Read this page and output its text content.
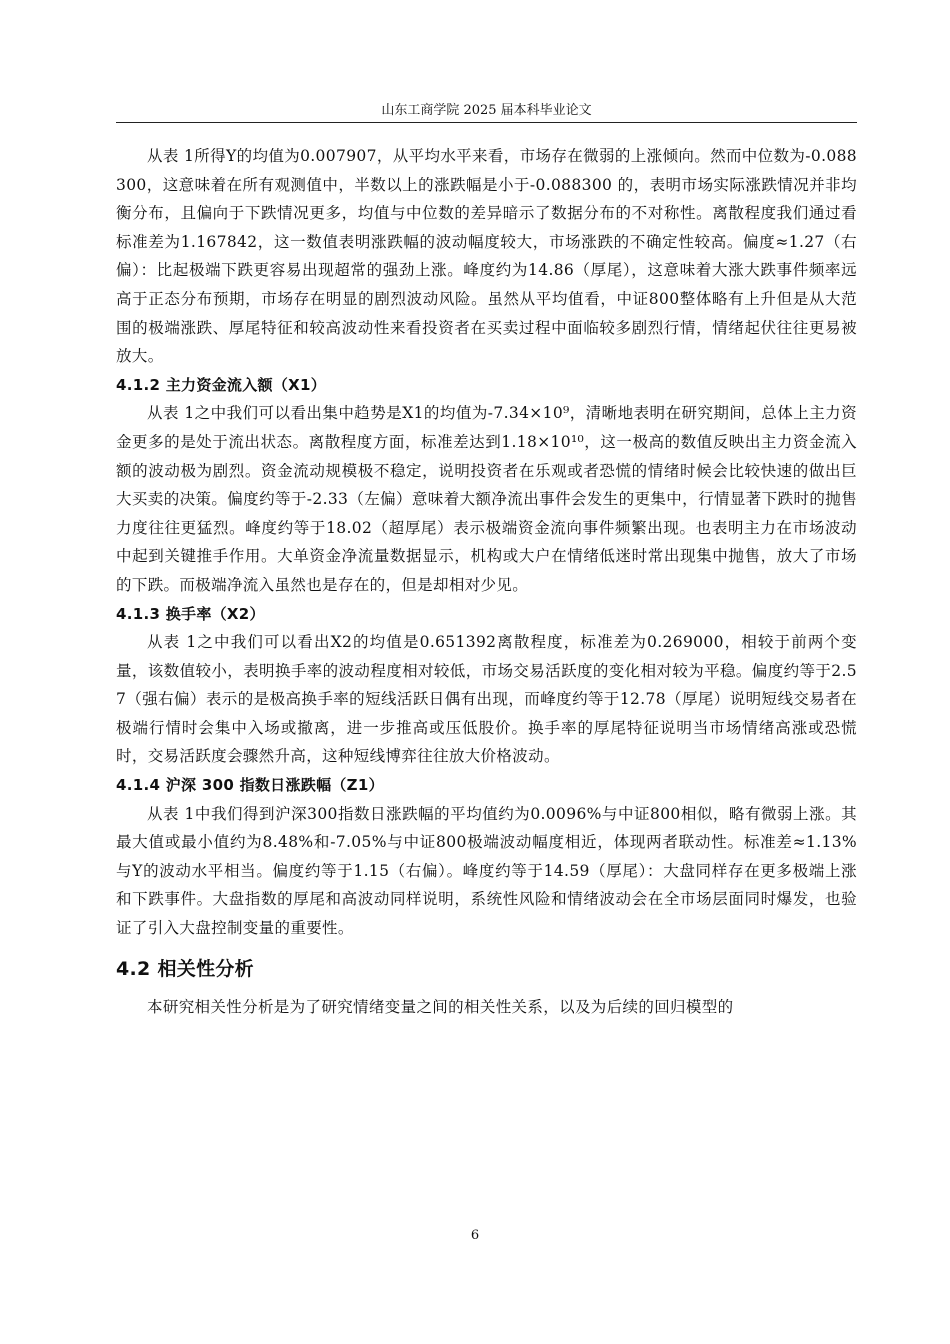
山东工商学院 2025 届本科毕业论文

从表 1所得Y的均值为0.007907，从平均水平来看，市场存在微弱的上涨倾向。然而中位数为-0.088300，这意味着在所有观测值中，半数以上的涨跌幅是小于-0.088300 的，表明市场实际涨跌情况并非均衡分布，且偏向于下跌情况更多，均值与中位数的差异暗示了数据分布的不对称性。离散程度我们通过看标准差为1.167842，这一数值表明涨跌幅的波动幅度较大，市场涨跌的不确定性较高。偏度≈1.27（右偏）：比起极端下跌更容易出现超常的强劲上涨。峰度约为14.86（厚尾），这意味着大涨大跌事件频率远高于正态分布预期，市场存在明显的剧烈波动风险。虽然从平均值看，中证800整体略有上升但是从大范围的极端涨跌、厚尾特征和较高波动性来看投资者在买卖过程中面临较多剧烈行情，情绪起伏往往更易被放大。

4.1.2 主力资金流入额（X1）

从表 1之中我们可以看出集中趋势是X1的均值为-7.34×10⁹，清晰地表明在研究期间，总体上主力资金更多的是处于流出状态。离散程度方面，标准差达到1.18×10¹⁰，这一极高的数值反映出主力资金流入额的波动极为剧烈。资金流动规模极不稳定，说明投资者在乐观或者恐慌的情绪时候会比较快速的做出巨大买卖的决策。偏度约等于-2.33（左偏）意味着大额净流出事件会发生的更集中，行情显著下跌时的抛售力度往往更猛烈。峰度约等于18.02（超厚尾）表示极端资金流向事件频繁出现。也表明主力在市场波动中起到关键推手作用。大单资金净流量数据显示，机构或大户在情绪低迷时常出现集中抛售，放大了市场的下跌。而极端净流入虽然也是存在的，但是却相对少见。

4.1.3 换手率（X2）

从表 1之中我们可以看出X2的均值是0.651392离散程度，标准差为0.269000，相较于前两个变量，该数值较小，表明换手率的波动程度相对较低，市场交易活跃度的变化相对较为平稳。偏度约等于2.57（强右偏）表示的是极高换手率的短线活跃日偶有出现，而峰度约等于12.78（厚尾）说明短线交易者在极端行情时会集中入场或撤离，进一步推高或压低股价。换手率的厚尾特征说明当市场情绪高涨或恐慌时，交易活跃度会骤然升高，这种短线博弈往往放大价格波动。

4.1.4 沪深 300 指数日涨跌幅（Z1）

从表 1中我们得到沪深300指数日涨跌幅的平均值约为0.0096%与中证800相似，略有微弱上涨。其最大值或最小值约为8.48%和-7.05%与中证800极端波动幅度相近，体现两者联动性。标准差≈1.13%与Y的波动水平相当。偏度约等于1.15（右偏）。峰度约等于14.59（厚尾）：大盘同样存在更多极端上涨和下跌事件。大盘指数的厚尾和高波动同样说明，系统性风险和情绪波动会在全市场层面同时爆发，也验证了引入大盘控制变量的重要性。

4.2 相关性分析

本研究相关性分析是为了研究情绪变量之间的相关性关系，以及为后续的回归模型的

6
